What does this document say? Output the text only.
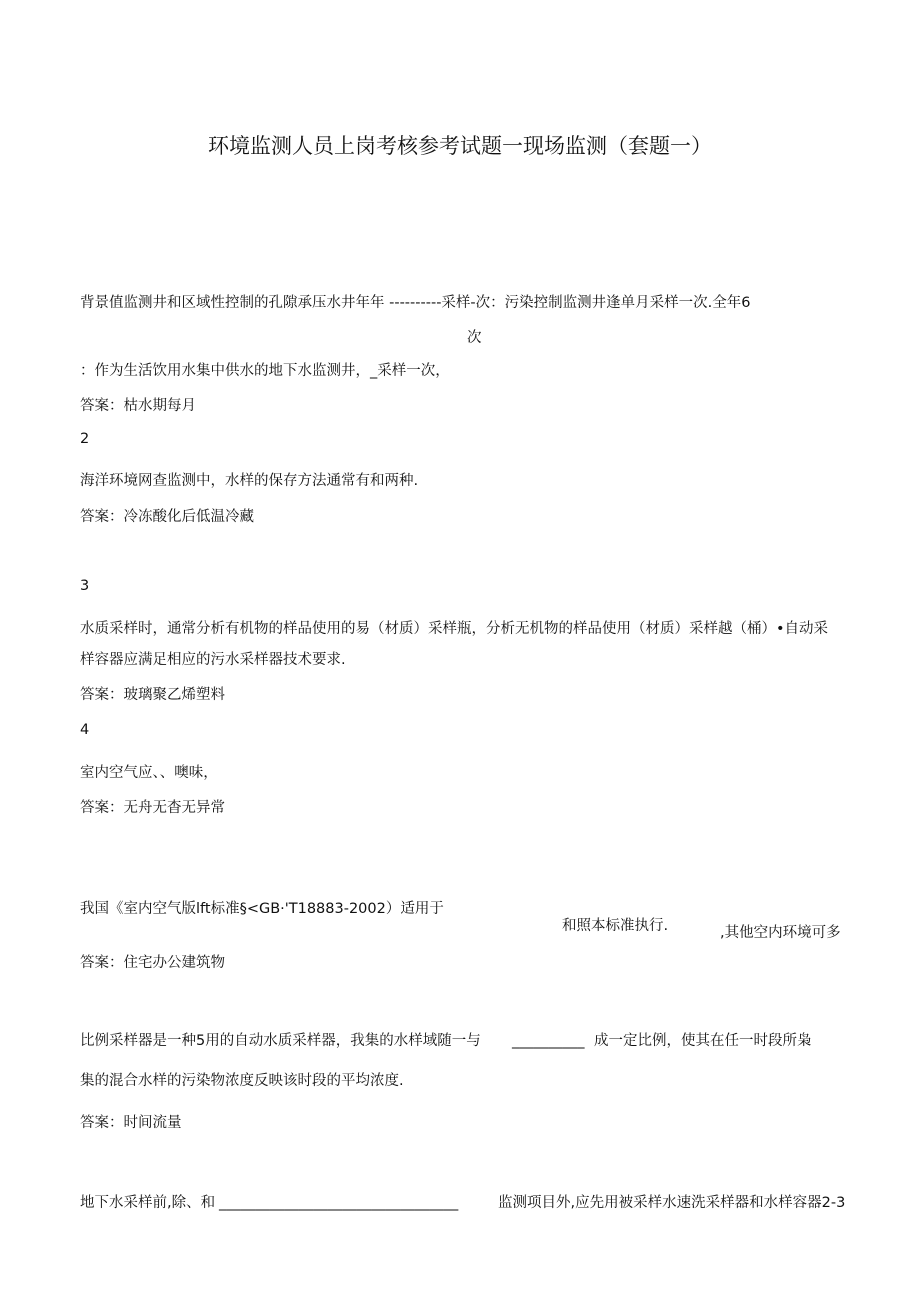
环境监测人员上岗考核参考试题一现场监测（套题一）
背景值监测井和区域性控制的孔隙承压水井年年 ----------采样-次：污染控制监测井逢单月采样一次.全年6
次
：作为生活饮用水集中供水的地下水监测井，_采样一次，
答案：枯水期每月
2
海洋环境网查监测中，水样的保存方法通常有和两种.
答案：冷冻酸化后低温冷藏
3
水质采样时，通常分析有机物的样品使用的易（材质）采样瓶，分析无机物的样品使用（材质）采样越（桶）•自动采
样容器应满足相应的污水采样器技术要求.
答案：玻璃聚乙烯塑料
4
室内空气应、、噢味，
答案：无舟无杳无异常
我国《室内空气版lft标准§<GB·'T18883-2002）适用于
和照本标准执行.	,其他空内环境可多
答案：住宅办公建筑物
比例采样器是一种5用的自动水质采样器，我集的水样域随一与 __________ 成一定比例，使其在任一时段所枭
集的混合水样的污染物浓度反映该时段的平均浓度.
答案：时间流量
地下水采样前,除、和 _________________________________	监测项目外,应先用被采样水速洗采样器和水样容器2-3
